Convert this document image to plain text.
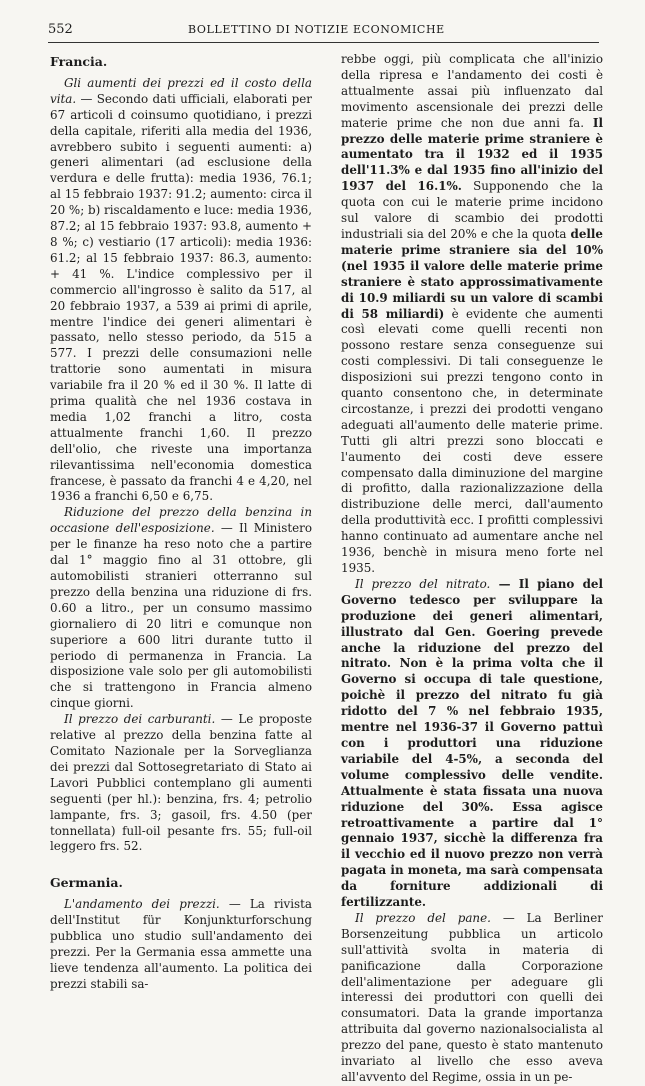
552	BOLLETTINO DI NOTIZIE ECONOMICHE
Francia.

Gli aumenti dei prezzi ed il costo della vita. — Secondo dati ufficiali, elaborati per 67 articoli d coinsumo quotidiano, i prezzi della capitale, riferiti alla media del 1936, avrebbero subito i seguenti aumenti: a) generi alimentari (ad esclusione della verdura e delle frutta): media 1936, 76.1; al 15 febbraio 1937: 91.2; aumento: circa il 20 %; b) riscaldamento e luce: media 1936, 87.2; al 15 febbraio 1937: 93.8, aumento + 8 %; c) vestiario (17 articoli): media 1936: 61.2; al 15 febbraio 1937: 86.3, aumento: + 41 %. L'indice complessivo per il commercio all'ingrosso è salito da 517, al 20 febbraio 1937, a 539 ai primi di aprile, mentre l'indice dei generi alimentari è passato, nello stesso periodo, da 515 a 577. I prezzi delle consumazioni nelle trattorie sono aumentati in misura variabile fra il 20 % ed il 30 %. Il latte di prima qualità che nel 1936 costava in media 1,02 franchi a litro, costa attualmente franchi 1,60. Il prezzo dell'olio, che riveste una importanza rilevantissima nell'economia domestica francese, è passato da franchi 4 e 4,20, nel 1936 a franchi 6,50 e 6,75.

Riduzione del prezzo della benzina in occasione dell'esposizione. — Il Ministero per le finanze ha reso noto che a partire dal 1° maggio fino al 31 ottobre, gli automobilisti stranieri otterranno sul prezzo della benzina una riduzione di frs. 0.60 a litro., per un consumo massimo giornaliero di 20 litri e comunque non superiore a 600 litri durante tutto il periodo di permanenza in Francia. La disposizione vale solo per gli automobilisti che si trattengono in Francia almeno cinque giorni.

Il prezzo dei carburanti. — Le proposte relative al prezzo della benzina fatte al Comitato Nazionale per la Sorveglianza dei prezzi dal Sottosegretariato di Stato ai Lavori Pubblici contemplano gli aumenti seguenti (per hl.): benzina, frs. 4; petrolio lampante, frs. 3; gasoil, frs. 4.50 (per tonnellata) full-oil pesante frs. 55; full-oil leggero frs. 52.

Germania.

L'andamento dei prezzi. — La rivista dell'Institut für Konjunkturforschung pubblica uno studio sull'andamento dei prezzi. Per la Germania essa ammette una lieve tendenza all'aumento. La politica dei prezzi stabili sa-

rebbe oggi, più complicata che all'inizio della ripresa e l'andamento dei costi è attualmente assai più influenzato dal movimento ascensionale dei prezzi delle materie prime che non due anni fa. Il prezzo delle materie prime straniere è aumentato tra il 1932 ed il 1935 dell'11.3% e dal 1935 fino all'inizio del 1937 del 16.1%. Supponendo che la quota con cui le materie prime incidono sul valore di scambio dei prodotti industriali sia del 20% e che la quota delle materie prime straniere sia del 10% (nel 1935 il valore delle materie prime straniere è stato approssimativamente di 10.9 miliardi su un valore di scambi di 58 miliardi) è evidente che aumenti così elevati come quelli recenti non possono restare senza conseguenze sui costi complessivi. Di tali conseguenze le disposizioni sui prezzi tengono conto in quanto consentono che, in determinate circostanze, i prezzi dei prodotti vengano adeguati all'aumento delle materie prime. Tutti gli altri prezzi sono bloccati e l'aumento dei costi deve essere compensato dalla diminuzione del margine di profitto, dalla razionalizzazione della distribuzione delle merci, dall'aumento della produttività ecc. I profitti complessivi hanno continuato ad aumentare anche nel 1936, benchè in misura meno forte nel 1935.

Il prezzo del nitrato. — Il piano del Governo tedesco per sviluppare la produzione dei generi alimentari, illustrato dal Gen. Goering prevede anche la riduzione del prezzo del nitrato. Non è la prima volta che il Governo si occupa di tale questione, poichè il prezzo del nitrato fu già ridotto del 7 % nel febbraio 1935, mentre nel 1936-37 il Governo pattuì con i produttori una riduzione variabile del 4-5%, a seconda del volume complessivo delle vendite. Attualmente è stata fissata una nuova riduzione del 30%. Essa agisce retroattivamente a partire dal 1° gennaio 1937, sicchè la differenza fra il vecchio ed il nuovo prezzo non verrà pagata in moneta, ma sarà compensata da forniture addizionali di fertilizzante.

Il prezzo del pane. — La Berliner Borsenzeitung pubblica un articolo sull'attività svolta in materia di panificazione dalla Corporazione dell'alimentazione per adeguare gli interessi dei produttori con quelli dei consumatori. Data la grande importanza attribuita dal governo nazionalsocialista al prezzo del pane, questo è stato mantenuto invariato al livello che esso aveva all'avvento del Regime, ossia in un pe-
